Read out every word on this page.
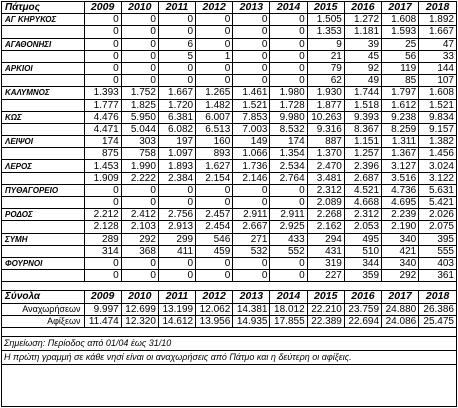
Πάτμος	2009	2010	2011	2012	2013	2014	2015	2016	2017	2018
ΑΓ ΚΗΡΥΚΟΣ	0	0	0	0	0	0	1.505	1.272	1.608	1.892
	0	0	0	0	0	0	1.353	1.181	1.593	1.667
ΑΓΑΘΟΝΗΣΙ	0	0	6	0	0	0	9	39	25	47
	0	0	5	1	0	0	21	45	56	33
ΑΡΚΙΟΙ	0	0	0	0	0	0	79	92	119	144
	0	0	0	0	0	0	62	49	85	107
ΚΑΛΥΜΝΟΣ	1.393	1.752	1.667	1.265	1.461	1.980	1.930	1.744	1.797	1.608
	1.777	1.825	1.720	1.482	1.521	1.728	1.877	1.518	1.612	1.521
ΚΩΣ	4.476	5.950	6.381	6.007	7.853	9.980	10.263	9.393	9.238	9.834
	4.471	5.044	6.082	6.513	7.003	8.532	9.316	8.367	8.259	9.157
ΛΕΙΨΟΙ	174	303	197	160	149	174	887	1.151	1.311	1.382
	875	758	1.097	893	1.066	1.354	1.370	1.257	1.367	1.456
ΛΕΡΟΣ	1.453	1.990	1.893	1.627	1.736	2.534	2.470	2.396	3.127	3.024
	1.909	2.222	2.384	2.154	2.146	2.764	3.481	2.687	3.516	3.122
ΠΥΘΑΓΟΡΕΙΟ	0	0	0	0	0	0	2.312	4.521	4.736	5.631
	0	0	0	0	0	0	2.089	4.668	4.695	5.421
ΡΟΔΟΣ	2.212	2.412	2.756	2.457	2.911	2.911	2.268	2.312	2.239	2.026
	2.128	2.103	2.913	2.454	2.667	2.925	2.162	2.053	2.190	2.075
ΣΥΜΗ	289	292	299	546	271	433	294	495	340	395
	314	368	411	459	532	552	431	510	421	555
ΦΟΥΡΝΟΙ	0	0	0	0	0	0	319	344	340	403
	0	0	0	0	0	0	227	359	292	361

Σύνολα	2009	2010	2011	2012	2013	2014	2015	2016	2017	2018
Αναχωρήσεων	9.997	12.699	13.199	12.062	14.381	18.012	22.210	23.759	24.880	26.386
Αφίξεων	11.474	12.320	14.612	13.956	14.935	17.855	22.389	22.694	24.086	25.475

Σημείωση: Περίοδος από 01/04 έως 31/10										
Η πρώτη γραμμή σε κάθε νησί είναι οι αναχωρήσεις από Πάτμο και η δεύτερη οι αφίξεις.										
